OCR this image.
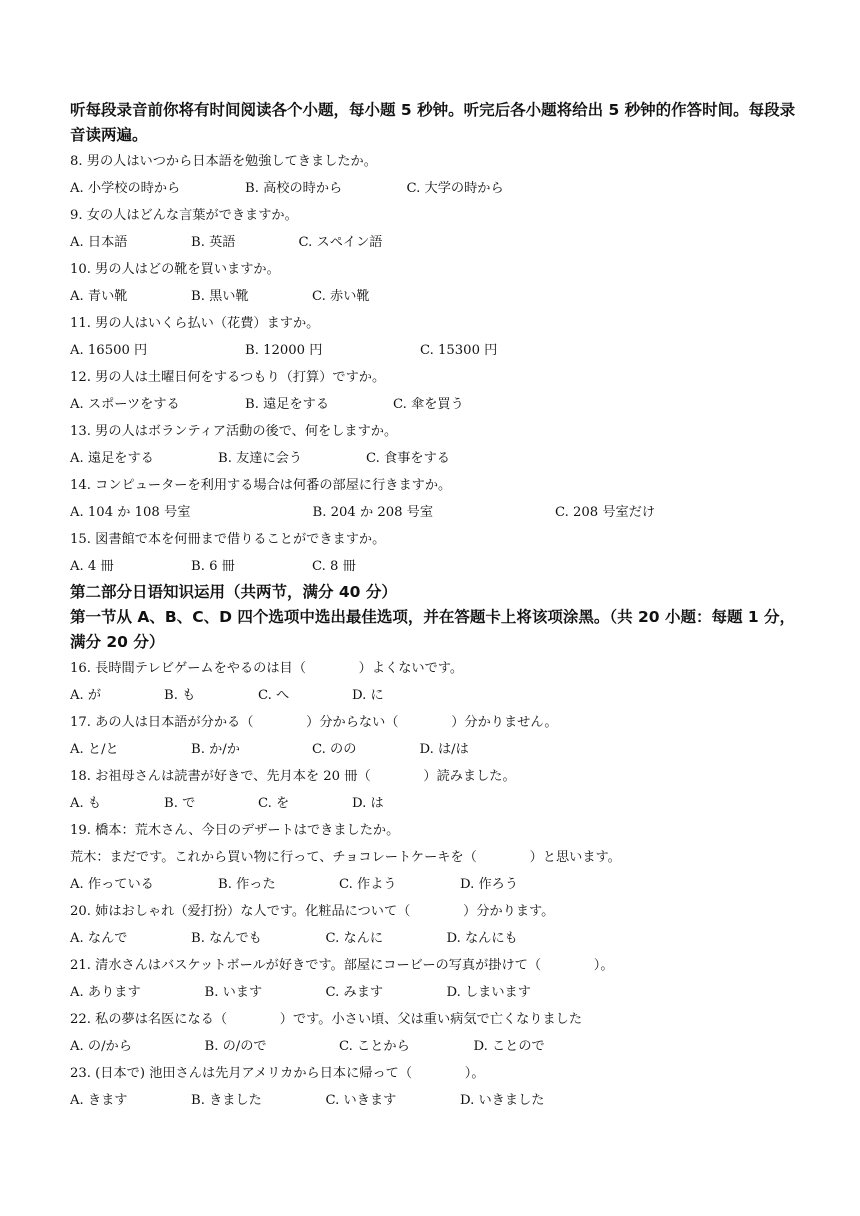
听每段录音前你将有时间阅读各个小题，每小题 5 秒钟。听完后各小题将给出 5 秒钟的作答时间。每段录音读两遍。

8. 男の人はいつから日本語を勉強してきましたか。

A. 小学校の時から	B. 高校の時から	C. 大学の時から

9. 女の人はどんな言葉ができますか。

A. 日本語	B. 英語	C. スペイン語

10. 男の人はどの靴を買いますか。

A. 青い靴	B. 黒い靴	C. 赤い靴

11. 男の人はいくら払い（花費）ますか。

A. 16500 円	B. 12000 円	C. 15300 円

12. 男の人は土曜日何をするつもり（打算）ですか。

A. スポーツをする	B. 遠足をする	C. 傘を買う

13. 男の人はボランティア活動の後で、何をしますか。

A. 遠足をする	B. 友達に会う	C. 食事をする

14. コンピューターを利用する場合は何番の部屋に行きますか。

A. 104 か 108 号室	B. 204 か 208 号室	C. 208 号室だけ

15. 図書館で本を何冊まで借りることができますか。

A. 4 冊	B. 6 冊	C. 8 冊

第二部分日语知识运用（共两节，满分 40 分）

第一节从 A、B、C、D 四个选项中选出最佳选项，并在答题卡上将该项涂黑。（共 20 小题：每题 1 分，满分 20 分）

16. 長時間テレビゲームをやるのは目（　　　　）よくないです。

A. が	B. も	C. へ	D. に

17. あの人は日本語が分かる（　　　　）分からない（　　　　）分かりません。

A. と/と	B. か/か	C. のの	D. は/は

18. お祖母さんは読書が好きで、先月本を 20 冊（　　　　）読みました。

A. も	B. で	C. を	D. は

19. 橋本：荒木さん、今日のデザートはできましたか。

荒木：まだです。これから買い物に行って、チョコレートケーキを（　　　　）と思います。

A. 作っている	B. 作った	C. 作よう	D. 作ろう

20. 姉はおしゃれ（爱打扮）な人です。化粧品について（　　　　）分かります。

A. なんで	B. なんでも	C. なんに	D. なんにも

21. 清水さんはバスケットボールが好きです。部屋にコービーの写真が掛けて（　　　　）。

A. あります	B. います	C. みます	D. しまいます

22. 私の夢は名医になる（　　　　）です。小さい頃、父は重い病気で亡くなりました

A. の/から	B. の/ので	C. ことから	D. ことので

23. (日本で) 池田さんは先月アメリカから日本に帰って（　　　　）。

A. きます	B. きました	C. いきます	D. いきました
